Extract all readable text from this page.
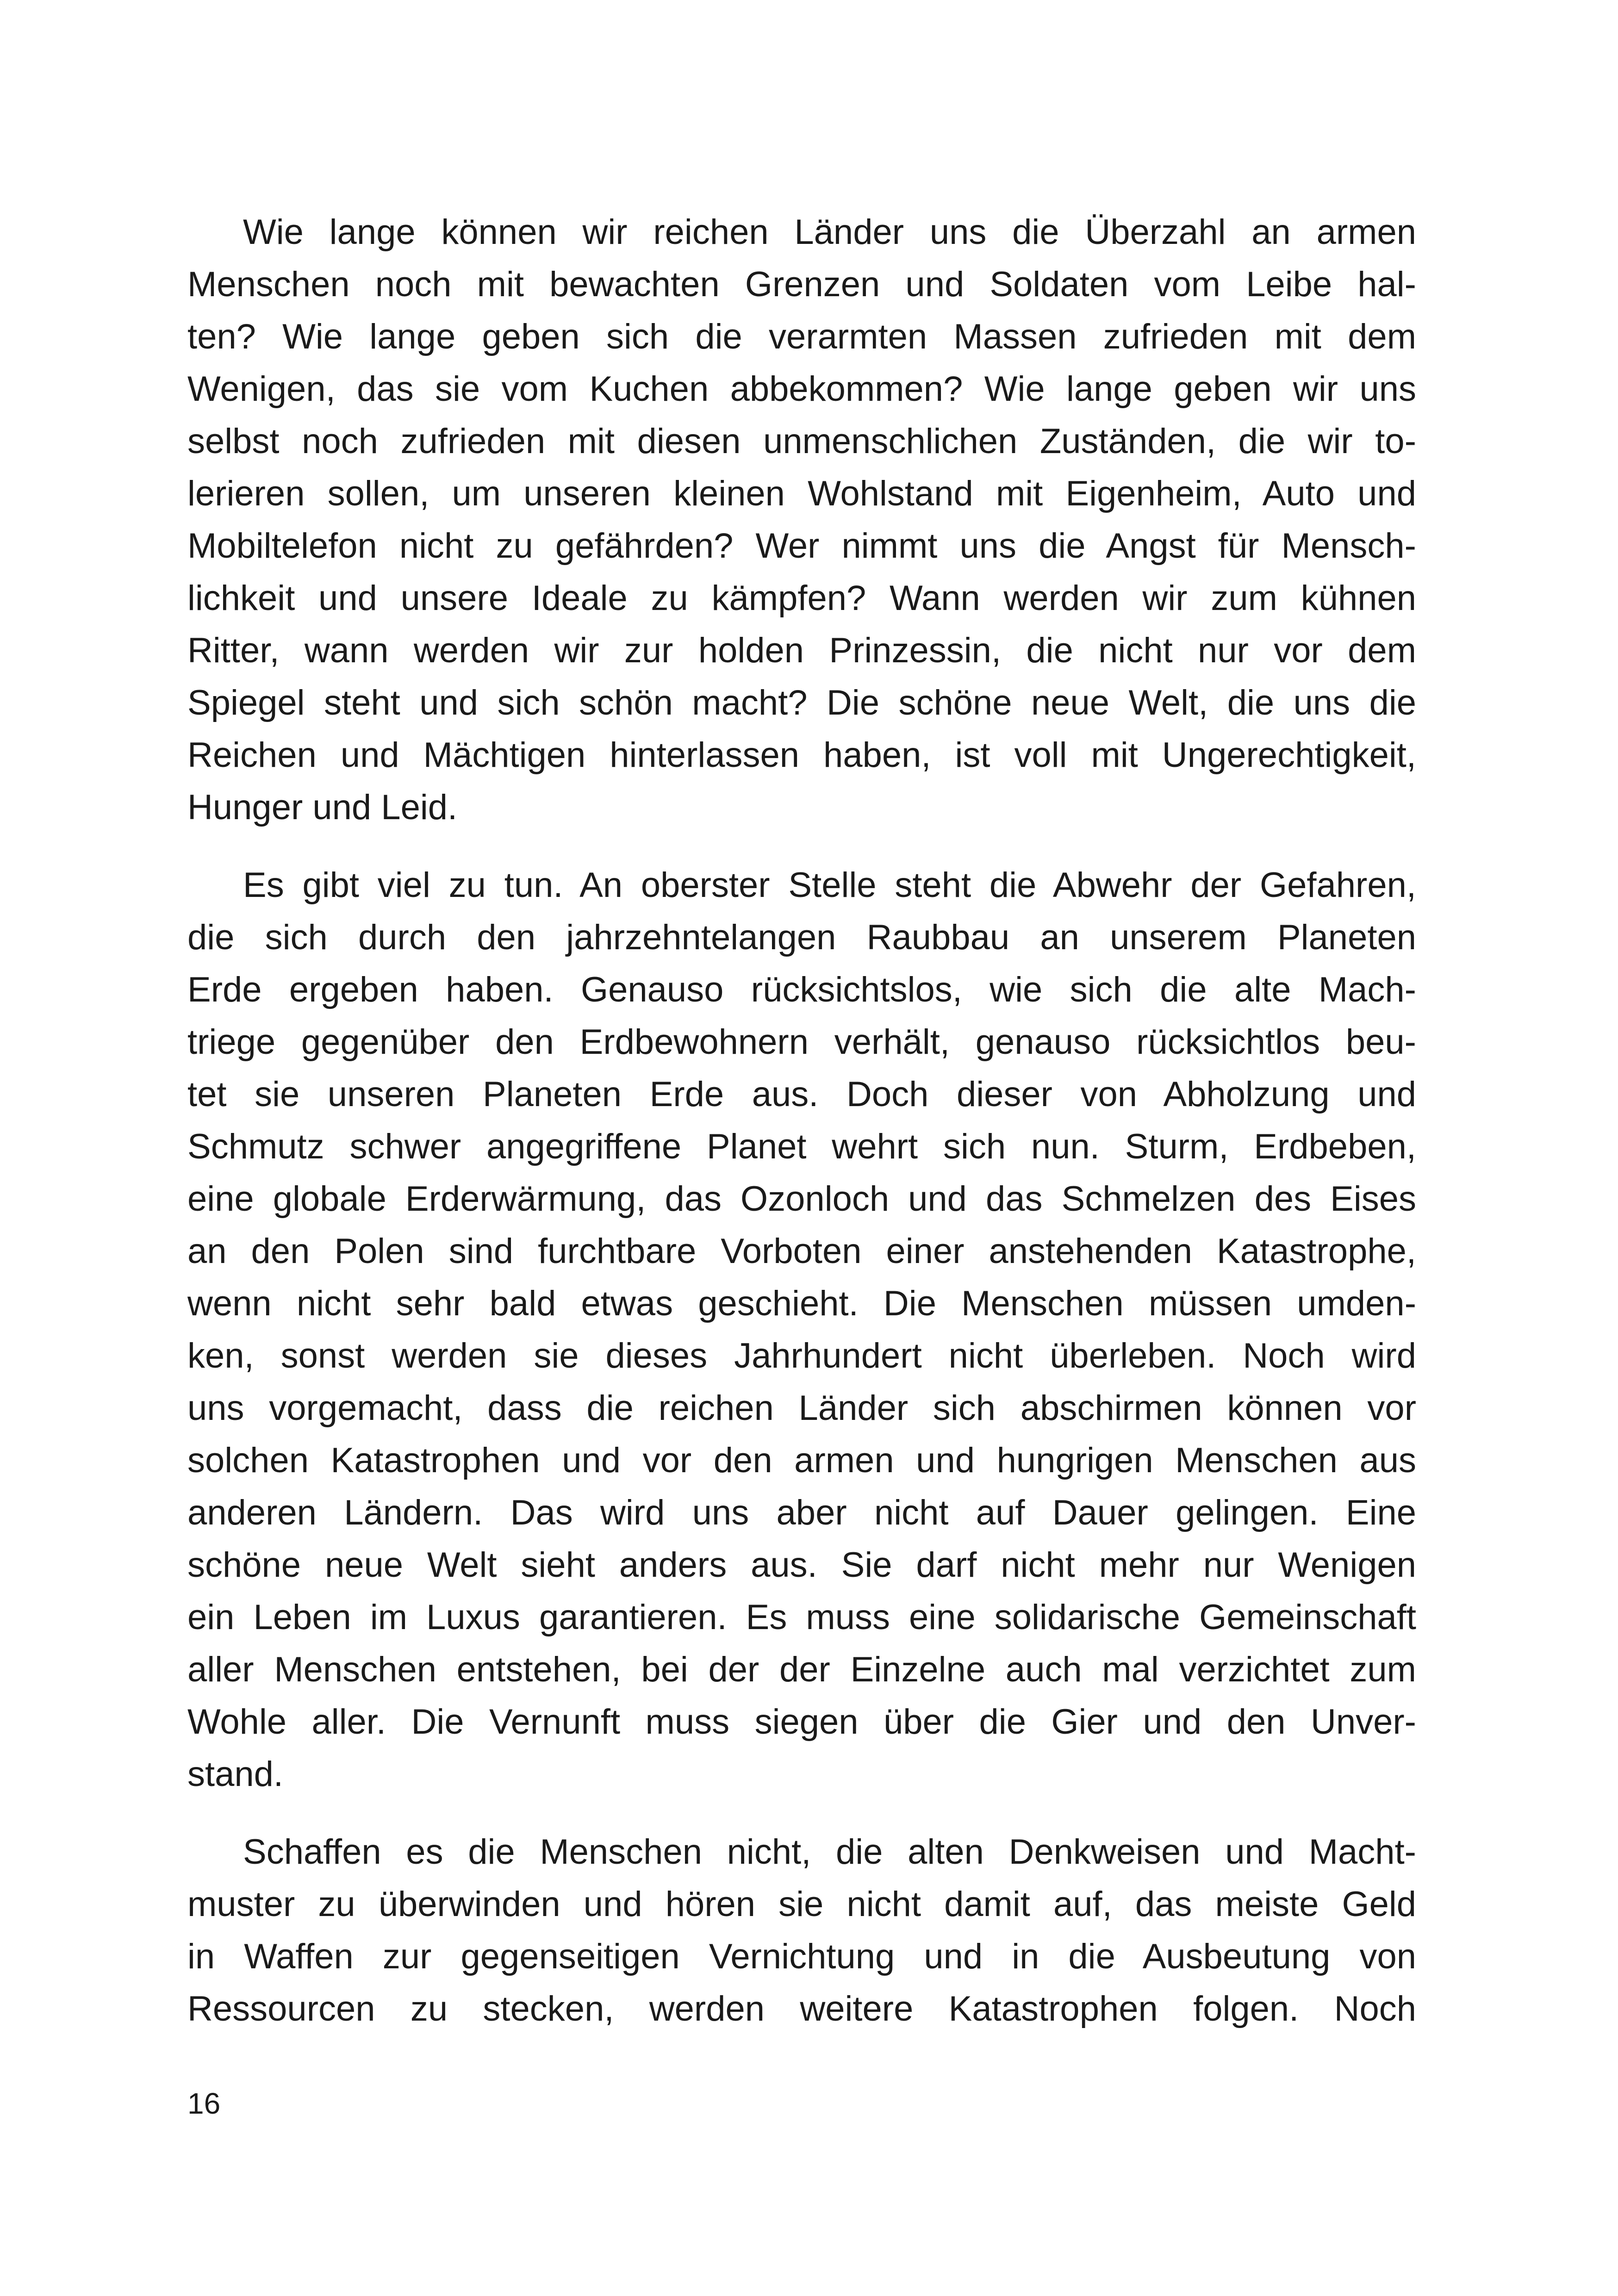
Wie lange können wir reichen Länder uns die Überzahl an armen
Menschen noch mit bewachten Grenzen und Soldaten vom Leibe hal-
ten? Wie lange geben sich die verarmten Massen zufrieden mit dem
Wenigen, das sie vom Kuchen abbekommen? Wie lange geben wir uns
selbst noch zufrieden mit diesen unmenschlichen Zuständen, die wir to-
lerieren sollen, um unseren kleinen Wohlstand mit Eigenheim, Auto und
Mobiltelefon nicht zu gefährden? Wer nimmt uns die Angst für Mensch-
lichkeit und unsere Ideale zu kämpfen? Wann werden wir zum kühnen
Ritter, wann werden wir zur holden Prinzessin, die nicht nur vor dem
Spiegel steht und sich schön macht? Die schöne neue Welt, die uns die
Reichen und Mächtigen hinterlassen haben, ist voll mit Ungerechtigkeit,
Hunger und Leid.
Es gibt viel zu tun. An oberster Stelle steht die Abwehr der Gefahren,
die sich durch den jahrzehntelangen Raubbau an unserem Planeten
Erde ergeben haben. Genauso rücksichtslos, wie sich die alte Mach-
triege gegenüber den Erdbewohnern verhält, genauso rücksichtlos beu-
tet sie unseren Planeten Erde aus. Doch dieser von Abholzung und
Schmutz schwer angegriffene Planet wehrt sich nun. Sturm, Erdbeben,
eine globale Erderwärmung, das Ozonloch und das Schmelzen des Eises
an den Polen sind furchtbare Vorboten einer anstehenden Katastrophe,
wenn nicht sehr bald etwas geschieht. Die Menschen müssen umden-
ken, sonst werden sie dieses Jahrhundert nicht überleben. Noch wird
uns vorgemacht, dass die reichen Länder sich abschirmen können vor
solchen Katastrophen und vor den armen und hungrigen Menschen aus
anderen Ländern. Das wird uns aber nicht auf Dauer gelingen. Eine
schöne neue Welt sieht anders aus. Sie darf nicht mehr nur Wenigen
ein Leben im Luxus garantieren. Es muss eine solidarische Gemeinschaft
aller Menschen entstehen, bei der der Einzelne auch mal verzichtet zum
Wohle aller. Die Vernunft muss siegen über die Gier und den Unver-
stand.
Schaffen es die Menschen nicht, die alten Denkweisen und Macht-
muster zu überwinden und hören sie nicht damit auf, das meiste Geld
in Waffen zur gegenseitigen Vernichtung und in die Ausbeutung von
Ressourcen zu stecken, werden weitere Katastrophen folgen. Noch
16
